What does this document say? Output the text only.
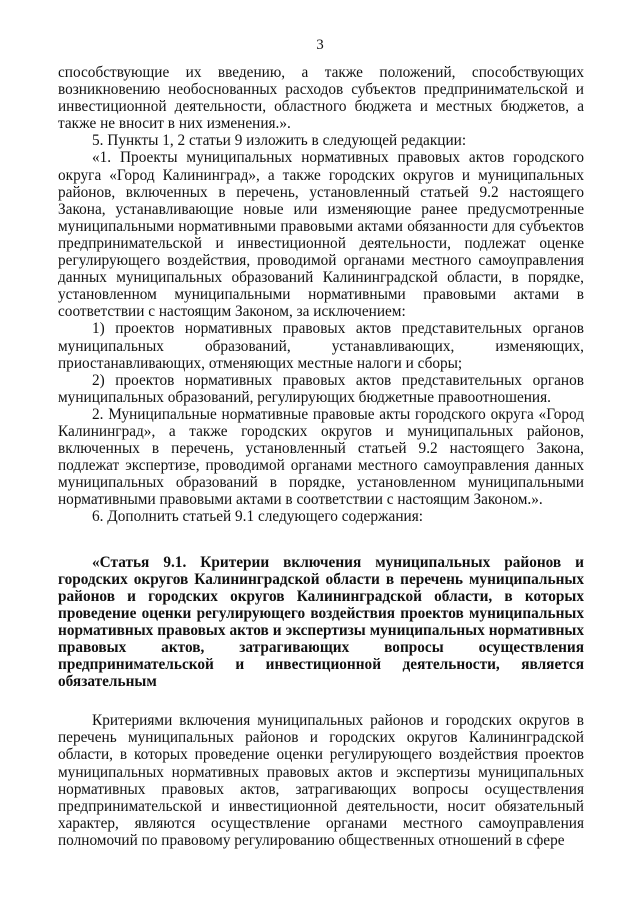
3

способствующие их введению, а также положений, способствующих возникновению необоснованных расходов субъектов предпринимательской и инвестиционной деятельности, областного бюджета и местных бюджетов, а также не вносит в них изменения.».

5. Пункты 1, 2 статьи 9 изложить в следующей редакции:

«1. Проекты муниципальных нормативных правовых актов городского округа «Город Калининград», а также городских округов и муниципальных районов, включенных в перечень, установленный статьей 9.2 настоящего Закона, устанавливающие новые или изменяющие ранее предусмотренные муниципальными нормативными правовыми актами обязанности для субъектов предпринимательской и инвестиционной деятельности, подлежат оценке регулирующего воздействия, проводимой органами местного самоуправления данных муниципальных образований Калининградской области, в порядке, установленном муниципальными нормативными правовыми актами в соответствии с настоящим Законом, за исключением:

1) проектов нормативных правовых актов представительных органов муниципальных образований, устанавливающих, изменяющих, приостанавливающих, отменяющих местные налоги и сборы;

2) проектов нормативных правовых актов представительных органов муниципальных образований, регулирующих бюджетные правоотношения.

2. Муниципальные нормативные правовые акты городского округа «Город Калининград», а также городских округов и муниципальных районов, включенных в перечень, установленный статьей 9.2 настоящего Закона, подлежат экспертизе, проводимой органами местного самоуправления данных муниципальных образований в порядке, установленном муниципальными нормативными правовыми актами в соответствии с настоящим Законом.».

6. Дополнить статьей 9.1 следующего содержания:

«Статья 9.1. Критерии включения муниципальных районов и городских округов Калининградской области в перечень муниципальных районов и городских округов Калининградской области, в которых проведение оценки регулирующего воздействия проектов муниципальных нормативных правовых актов и экспертизы муниципальных нормативных правовых актов, затрагивающих вопросы осуществления предпринимательской и инвестиционной деятельности, является обязательным

Критериями включения муниципальных районов и городских округов в перечень муниципальных районов и городских округов Калининградской области, в которых проведение оценки регулирующего воздействия проектов муниципальных нормативных правовых актов и экспертизы муниципальных нормативных правовых актов, затрагивающих вопросы осуществления предпринимательской и инвестиционной деятельности, носит обязательный характер, являются осуществление органами местного самоуправления полномочий по правовому регулированию общественных отношений в сфере
